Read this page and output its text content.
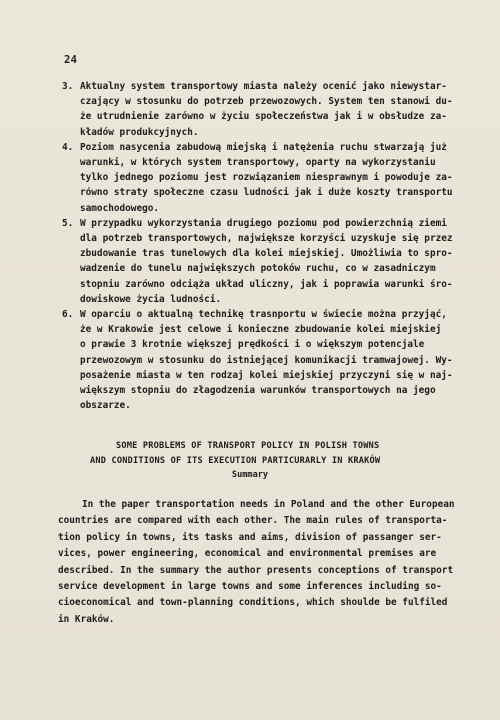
24
3. Aktualny system transportowy miasta należy ocenić jako niewystar-
czający w stosunku do potrzeb przewozowych. System ten stanowi du-
że utrudnienie zarówno w życiu społeczeństwa jak i w obsłudze za-
kładów produkcyjnych.
4. Poziom nasycenia zabudową miejską i natężenia ruchu stwarzają już
warunki, w których system transportowy, oparty na wykorzystaniu
tylko jednego poziomu jest rozwiązaniem niesprawnym i powoduje za-
równo straty społeczne czasu ludności jak i duże koszty transportu
samochodowego.
5. W przypadku wykorzystania drugiego poziomu pod powierzchnią ziemi
dla potrzeb transportowych, największe korzyści uzyskuje się przez
zbudowanie tras tunelowych dla kolei miejskiej. Umożliwia to spro-
wadzenie do tunelu największych potoków ruchu, co w zasadniczym
stopniu zarówno odciąża układ uliczny, jak i poprawia warunki śro-
dowiskowe życia ludności.
6. W oparciu o aktualną technikę trasnportu w świecie można przyjąć,
że w Krakowie jest celowe i konieczne zbudowanie kolei miejskiej
o prawie 3 krotnie większej prędkości i o większym potencjale
przewozowym w stosunku do istniejącej komunikacji tramwajowej. Wy-
posażenie miasta w ten rodzaj kolei miejskiej przyczyni się w naj-
większym stopniu do złagodzenia warunków transportowych na jego
obszarze.
SOME PROBLEMS OF TRANSPORT POLICY IN POLISH TOWNS
AND CONDITIONS OF ITS EXECUTION PARTICURARLY IN KRAKÓW
Summary
In the paper transportation needs in Poland and the other European
countries are compared with each other. The main rules of transporta-
tion policy in towns, its tasks and aims, division of passanger ser-
vices, power engineering, economical and environmental premises are
described. In the summary the author presents conceptions of transport
service development in large towns and some inferences including so-
cioeconomical and town-planning conditions, which shoulde be fulfiled
in Kraków.
